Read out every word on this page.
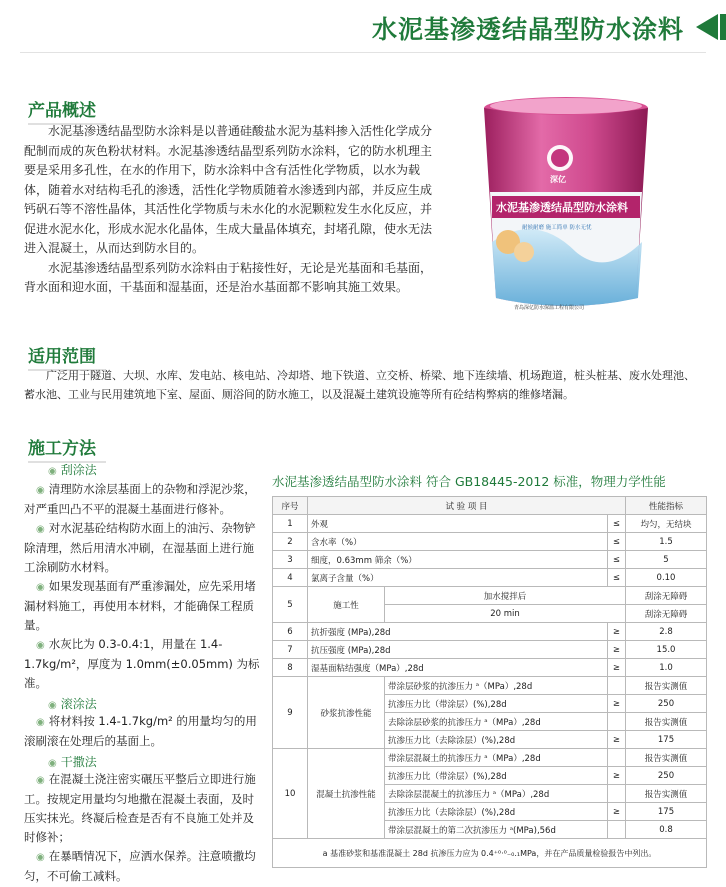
水泥基渗透结晶型防水涂料
产品概述

水泥基渗透结晶型防水涂料是以普通硅酸盐水泥为基料掺入活性化学成分配制而成的灰色粉状材料。水泥基渗透结晶型系列防水涂料，它的防水机理主要是采用多孔性，在水的作用下，防水涂料中含有活性化学物质，以水为载体，随着水对结构毛孔的渗透，活性化学物质随着水渗透到内部，并反应生成钙矾石等不溶性晶体，其活性化学物质与未水化的水泥颗粒发生水化反应，并促进水泥水化，形成水泥水化晶体，生成大量晶体填充，封堵孔隙，使水无法进入混凝土，从而达到防水目的。

水泥基渗透结晶型系列防水涂料由于粘接性好，无论是光基面和毛基面，背水面和迎水面，干基面和湿基面，还是治水基面都不影响其施工效果。

深亿
水泥基渗透结晶型防水涂料
耐候耐磨 施工简单 防水无忧
青岛深亿防水保温工程有限公司
适用范围

广泛用于隧道、大坝、水库、发电站、核电站、冷却塔、地下铁道、立交桥、桥梁、地下连续墙、机场跑道，桩头桩基、废水处理池、蓄水池、工业与民用建筑地下室、屋面、厕浴间的防水施工，以及混凝土建筑设施等所有砼结构弊病的维修堵漏。

施工方法
◉ 刮涂法

◉ 清理防水涂层基面上的杂物和浮泥沙浆，对严重凹凸不平的混凝土基面进行修补。

◉ 对水泥基砼结构防水面上的油污、杂物铲除清理，然后用清水冲刷，在湿基面上进行施工涂刷防水材料。

◉ 如果发现基面有严重渗漏处，应先采用堵漏材料施工，再使用本材料，才能确保工程质量。

◉ 水灰比为 0.3-0.4:1，用量在 1.4-1.7kg/m²，厚度为 1.0mm(±0.05mm) 为标准。

◉ 滚涂法

◉ 将材料按 1.4-1.7kg/m² 的用量均匀的用滚刷滚在处理后的基面上。

◉ 干撒法

◉ 在混凝土浇注密实碾压平整后立即进行施工。按规定用量均匀地撒在混凝土表面，及时压实抹光。终凝后检查是否有不良施工处并及时修补；

◉ 在暴晒情况下，应洒水保养。注意喷撒均匀，不可偷工减料。

水泥基渗透结晶型防水涂料 符合 GB18445-2012 标准，物理力学性能
序号	试 验 项 目			性能指标
1	外观		≤	均匀，无结块
2	含水率（%）		≤	1.5
3	细度，0.63mm 筛余（%）		≤	5
4	氯离子含量（%）		≤	0.10
5	施工性	加水搅拌后		刮涂无障碍
		20 min		刮涂无障碍
6	抗折强度 (MPa),28d		≥	2.8
7	抗压强度 (MPa),28d		≥	15.0
8	湿基面粘结强度（MPa）,28d		≥	1.0
9	砂浆抗渗性能	带涂层砂浆的抗渗压力 ᵃ（MPa）,28d		报告实测值
		抗渗压力比（带涂层）(%),28d	≥	250
		去除涂层砂浆的抗渗压力 ᵃ（MPa）,28d		报告实测值
		抗渗压力比（去除涂层）(%),28d	≥	175
10	混凝土抗渗性能	带涂层混凝土的抗渗压力 ᵃ（MPa）,28d		报告实测值
		抗渗压力比（带涂层）(%),28d	≥	250
		去除涂层混凝土的抗渗压力 ᵃ（MPa）,28d		报告实测值
		抗渗压力比（去除涂层）(%),28d	≥	175
		带涂层混凝土的第二次抗渗压力 ᵃ(MPa),56d		0.8
a 基准砂浆和基准混凝土 28d 抗渗压力应为 0.4⁺⁰·⁰₋₀.₁MPa，并在产品质量检验报告中列出。				
